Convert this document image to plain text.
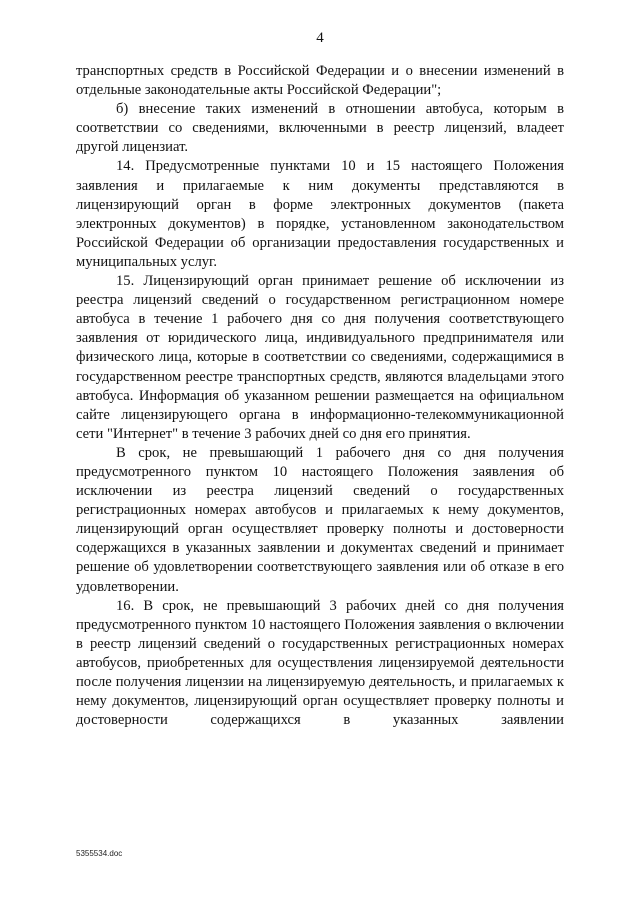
4

транспортных средств в Российской Федерации и о внесении изменений в отдельные законодательные акты Российской Федерации";

б) внесение таких изменений в отношении автобуса, которым в соответствии со сведениями, включенными в реестр лицензий, владеет другой лицензиат.

14. Предусмотренные пунктами 10 и 15 настоящего Положения заявления и прилагаемые к ним документы представляются в лицензирующий орган в форме электронных документов (пакета электронных документов) в порядке, установленном законодательством Российской Федерации об организации предоставления государственных и муниципальных услуг.

15. Лицензирующий орган принимает решение об исключении из реестра лицензий сведений о государственном регистрационном номере автобуса в течение 1 рабочего дня со дня получения соответствующего заявления от юридического лица, индивидуального предпринимателя или физического лица, которые в соответствии со сведениями, содержащимися в государственном реестре транспортных средств, являются владельцами этого автобуса. Информация об указанном решении размещается на официальном сайте лицензирующего органа в информационно-телекоммуникационной сети "Интернет" в течение 3 рабочих дней со дня его принятия.

В срок, не превышающий 1 рабочего дня со дня получения предусмотренного пунктом 10 настоящего Положения заявления об исключении из реестра лицензий сведений о государственных регистрационных номерах автобусов и прилагаемых к нему документов, лицензирующий орган осуществляет проверку полноты и достоверности содержащихся в указанных заявлении и документах сведений и принимает решение об удовлетворении соответствующего заявления или об отказе в его удовлетворении.

16. В срок, не превышающий 3 рабочих дней со дня получения предусмотренного пунктом 10 настоящего Положения заявления о включении в реестр лицензий сведений о государственных регистрационных номерах автобусов, приобретенных для осуществления лицензируемой деятельности после получения лицензии на лицензируемую деятельность, и прилагаемых к нему документов, лицензирующий орган осуществляет проверку полноты и достоверности содержащихся в указанных заявлении

5355534.doc
